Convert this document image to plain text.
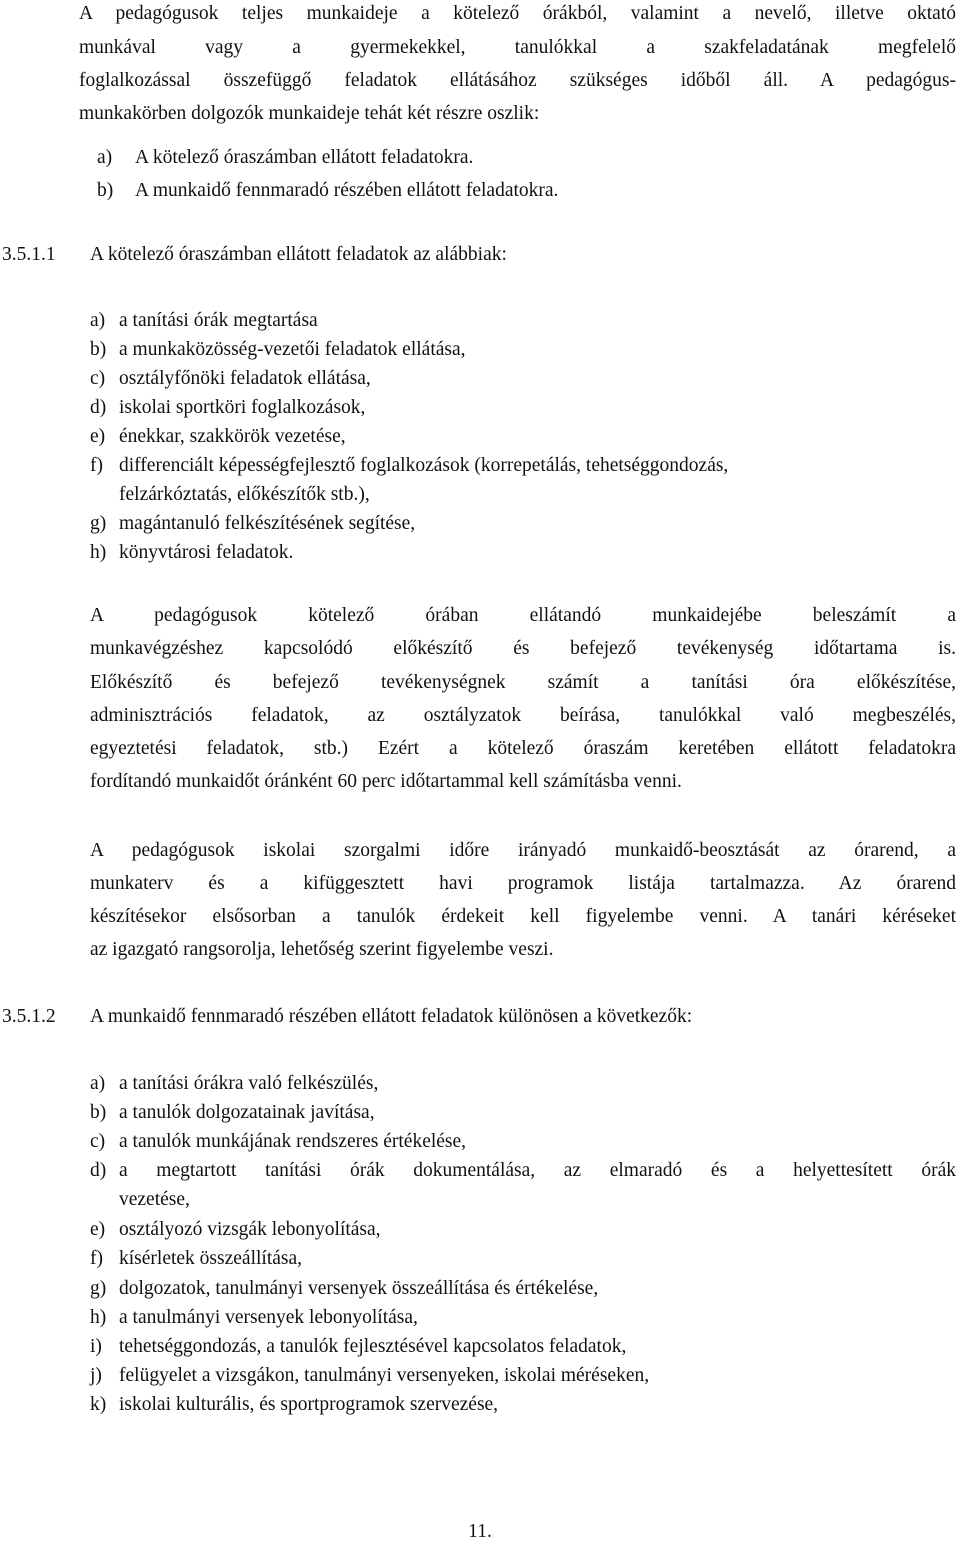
A pedagógusok teljes munkaideje a kötelező órákból, valamint a nevelő, illetve oktató
munkával vagy a gyermekekkel, tanulókkal a szakfeladatának megfelelő
foglalkozással összefüggő feladatok ellátásához szükséges időből áll. A pedagógus-
munkakörben dolgozók munkaideje tehát két részre oszlik:
a) A kötelező óraszámban ellátott feladatokra.
b) A munkaidő fennmaradó részében ellátott feladatokra.
3.5.1.1 A kötelező óraszámban ellátott feladatok az alábbiak:
a) a tanítási órák megtartása
b) a munkaközösség-vezetői feladatok ellátása,
c) osztályfőnöki feladatok ellátása,
d) iskolai sportköri foglalkozások,
e) énekkar, szakkörök vezetése,
f) differenciált képességfejlesztő foglalkozások (korrepetálás, tehetséggondozás,
felzárkóztatás, előkészítők stb.),
g) magántanuló felkészítésének segítése,
h) könyvtárosi feladatok.
A pedagógusok kötelező órában ellátandó munkaidejébe beleszámít a
munkavégzéshez kapcsolódó előkészítő és befejező tevékenység időtartama is.
Előkészítő és befejező tevékenységnek számít a tanítási óra előkészítése,
adminisztrációs feladatok, az osztályzatok beírása, tanulókkal való megbeszélés,
egyeztetési feladatok, stb.) Ezért a kötelező óraszám keretében ellátott feladatokra
fordítandó munkaidőt óránként 60 perc időtartammal kell számításba venni.
A pedagógusok iskolai szorgalmi időre irányadó munkaidő-beosztását az órarend, a
munkaterv és a kifüggesztett havi programok listája tartalmazza. Az órarend
készítésekor elsősorban a tanulók érdekeit kell figyelembe venni. A tanári kéréseket
az igazgató rangsorolja, lehetőség szerint figyelembe veszi.
3.5.1.2 A munkaidő fennmaradó részében ellátott feladatok különösen a következők:
a) a tanítási órákra való felkészülés,
b) a tanulók dolgozatainak javítása,
c) a tanulók munkájának rendszeres értékelése,
d) a megtartott tanítási órák dokumentálása, az elmaradó és a helyettesített órák
vezetése,
e) osztályozó vizsgák lebonyolítása,
f) kísérletek összeállítása,
g) dolgozatok, tanulmányi versenyek összeállítása és értékelése,
h) a tanulmányi versenyek lebonyolítása,
i) tehetséggondozás, a tanulók fejlesztésével kapcsolatos feladatok,
j) felügyelet a vizsgákon, tanulmányi versenyeken, iskolai méréseken,
k) iskolai kulturális, és sportprogramok szervezése,
11.
